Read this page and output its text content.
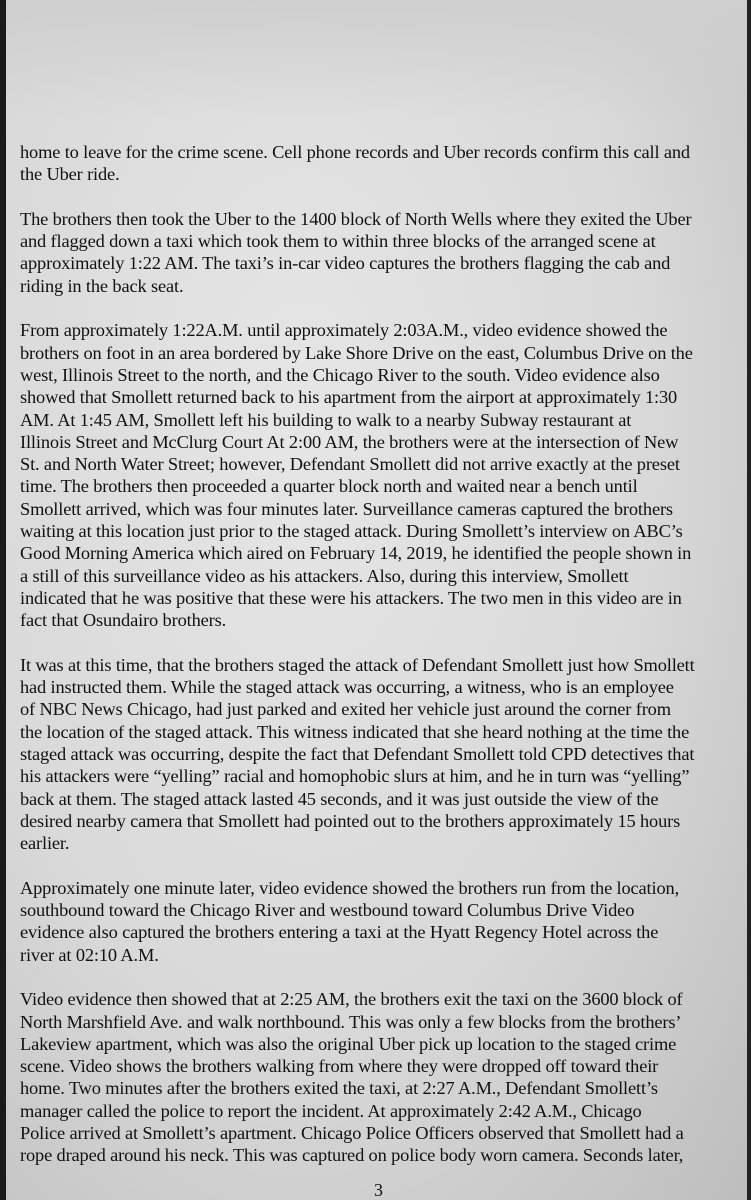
home to leave for the crime scene. Cell phone records and Uber records confirm this call and
the Uber ride.

The brothers then took the Uber to the 1400 block of North Wells where they exited the Uber
and flagged down a taxi which took them to within three blocks of the arranged scene at
approximately 1:22 AM. The taxi’s in-car video captures the brothers flagging the cab and
riding in the back seat.

From approximately 1:22A.M. until approximately 2:03A.M., video evidence showed the
brothers on foot in an area bordered by Lake Shore Drive on the east, Columbus Drive on the
west, Illinois Street to the north, and the Chicago River to the south. Video evidence also
showed that Smollett returned back to his apartment from the airport at approximately 1:30
AM. At 1:45 AM, Smollett left his building to walk to a nearby Subway restaurant at
Illinois Street and McClurg Court At 2:00 AM, the brothers were at the intersection of New
St. and North Water Street; however, Defendant Smollett did not arrive exactly at the preset
time. The brothers then proceeded a quarter block north and waited near a bench until
Smollett arrived, which was four minutes later. Surveillance cameras captured the brothers
waiting at this location just prior to the staged attack. During Smollett’s interview on ABC’s
Good Morning America which aired on February 14, 2019, he identified the people shown in
a still of this surveillance video as his attackers. Also, during this interview, Smollett
indicated that he was positive that these were his attackers. The two men in this video are in
fact that Osundairo brothers.

It was at this time, that the brothers staged the attack of Defendant Smollett just how Smollett
had instructed them. While the staged attack was occurring, a witness, who is an employee
of NBC News Chicago, had just parked and exited her vehicle just around the corner from
the location of the staged attack. This witness indicated that she heard nothing at the time the
staged attack was occurring, despite the fact that Defendant Smollett told CPD detectives that
his attackers were “yelling” racial and homophobic slurs at him, and he in turn was “yelling”
back at them. The staged attack lasted 45 seconds, and it was just outside the view of the
desired nearby camera that Smollett had pointed out to the brothers approximately 15 hours
earlier.

Approximately one minute later, video evidence showed the brothers run from the location,
southbound toward the Chicago River and westbound toward Columbus Drive Video
evidence also captured the brothers entering a taxi at the Hyatt Regency Hotel across the
river at 02:10 A.M.

Video evidence then showed that at 2:25 AM, the brothers exit the taxi on the 3600 block of
North Marshfield Ave. and walk northbound. This was only a few blocks from the brothers’
Lakeview apartment, which was also the original Uber pick up location to the staged crime
scene. Video shows the brothers walking from where they were dropped off toward their
home. Two minutes after the brothers exited the taxi, at 2:27 A.M., Defendant Smollett’s
manager called the police to report the incident. At approximately 2:42 A.M., Chicago
Police arrived at Smollett’s apartment. Chicago Police Officers observed that Smollett had a
rope draped around his neck. This was captured on police body worn camera. Seconds later,

3
